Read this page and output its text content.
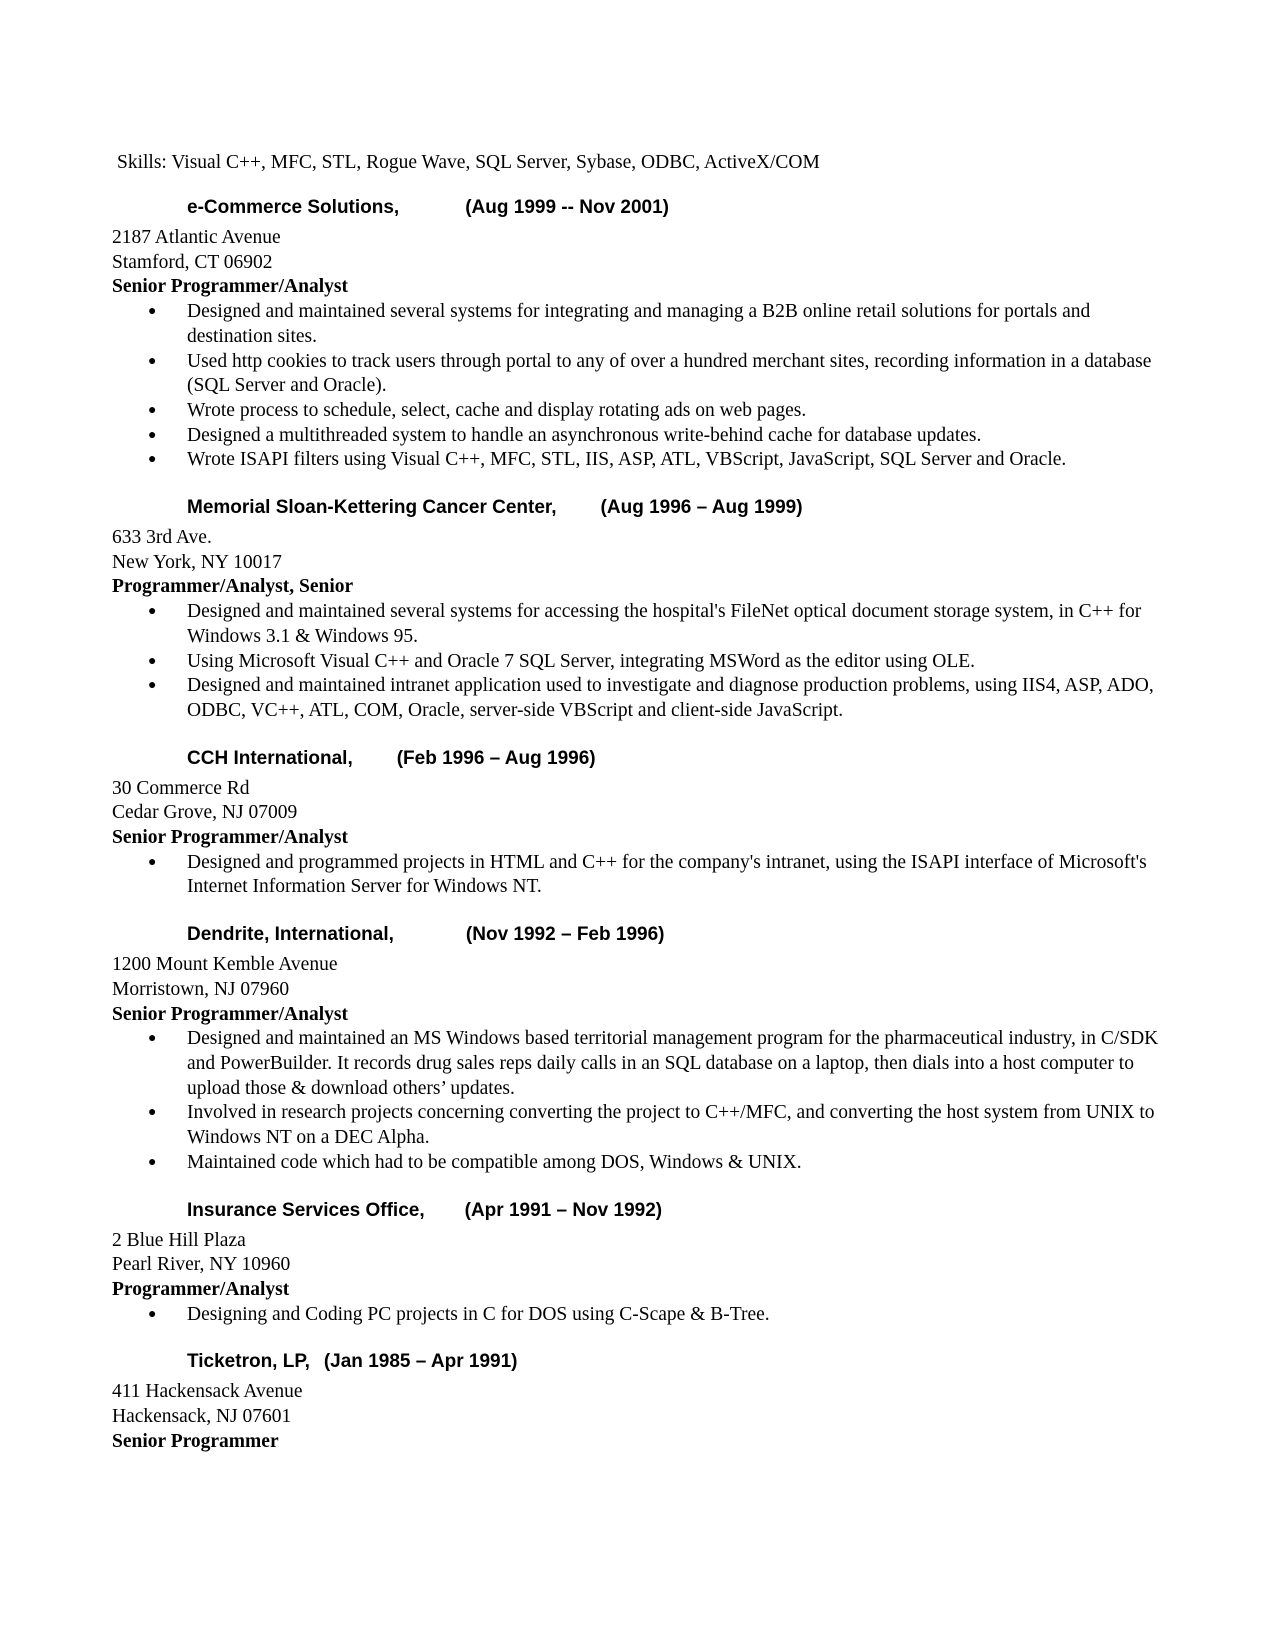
Skills: Visual C++, MFC, STL, Rogue Wave, SQL Server, Sybase, ODBC, ActiveX/COM
e-Commerce Solutions,	(Aug 1999 -- Nov 2001)
2187 Atlantic Avenue
Stamford, CT 06902
Senior Programmer/Analyst
● Designed and maintained several systems for integrating and managing a B2B online retail solutions for portals and destination sites.
● Used http cookies to track users through portal to any of over a hundred merchant sites, recording information in a database (SQL Server and Oracle).
● Wrote process to schedule, select, cache and display rotating ads on web pages.
● Designed a multithreaded system to handle an asynchronous write-behind cache for database updates.
● Wrote ISAPI filters using Visual C++, MFC, STL, IIS, ASP, ATL, VBScript, JavaScript, SQL Server and Oracle.
Memorial Sloan-Kettering Cancer Center, (Aug 1996 – Aug 1999)
633 3rd Ave.
New York, NY 10017
Programmer/Analyst, Senior
● Designed and maintained several systems for accessing the hospital's FileNet optical document storage system, in C++ for Windows 3.1 & Windows 95.
● Using Microsoft Visual C++ and Oracle 7 SQL Server, integrating MSWord as the editor using OLE.
● Designed and maintained intranet application used to investigate and diagnose production problems, using IIS4, ASP, ADO, ODBC, VC++, ATL, COM, Oracle, server-side VBScript and client-side JavaScript.
CCH International, (Feb 1996 – Aug 1996)
30 Commerce Rd
Cedar Grove, NJ 07009
Senior Programmer/Analyst
● Designed and programmed projects in HTML and C++ for the company's intranet, using the ISAPI interface of Microsoft's Internet Information Server for Windows NT.
Dendrite, International,	(Nov 1992 – Feb 1996)
1200 Mount Kemble Avenue
Morristown, NJ 07960
Senior Programmer/Analyst
● Designed and maintained an MS Windows based territorial management program for the pharmaceutical industry, in C/SDK and PowerBuilder. It records drug sales reps daily calls in an SQL database on a laptop, then dials into a host computer to upload those & download others’ updates.
● Involved in research projects concerning converting the project to C++/MFC, and converting the host system from UNIX to Windows NT on a DEC Alpha.
● Maintained code which had to be compatible among DOS, Windows & UNIX.
Insurance Services Office, (Apr 1991 – Nov 1992)
2 Blue Hill Plaza
Pearl River, NY 10960
Programmer/Analyst
● Designing and Coding PC projects in C for DOS using C-Scape & B-Tree.
Ticketron, LP, (Jan 1985 – Apr 1991)
411 Hackensack Avenue
Hackensack, NJ 07601
Senior Programmer
